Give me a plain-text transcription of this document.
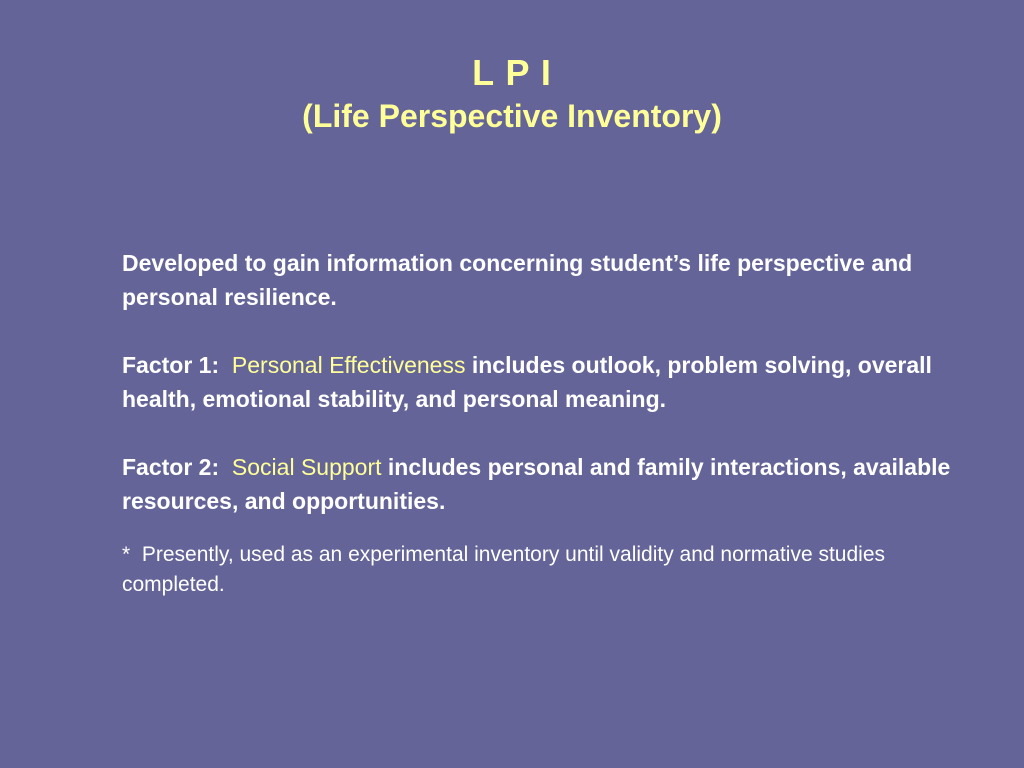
L P I
(Life Perspective Inventory)

Developed to gain information concerning student’s life perspective and personal resilience.

Factor 1: Personal Effectiveness includes outlook, problem solving, overall health, emotional stability, and personal meaning.

Factor 2: Social Support includes personal and family interactions, available resources, and opportunities.

*  Presently, used as an experimental inventory until validity and normative studies completed.
